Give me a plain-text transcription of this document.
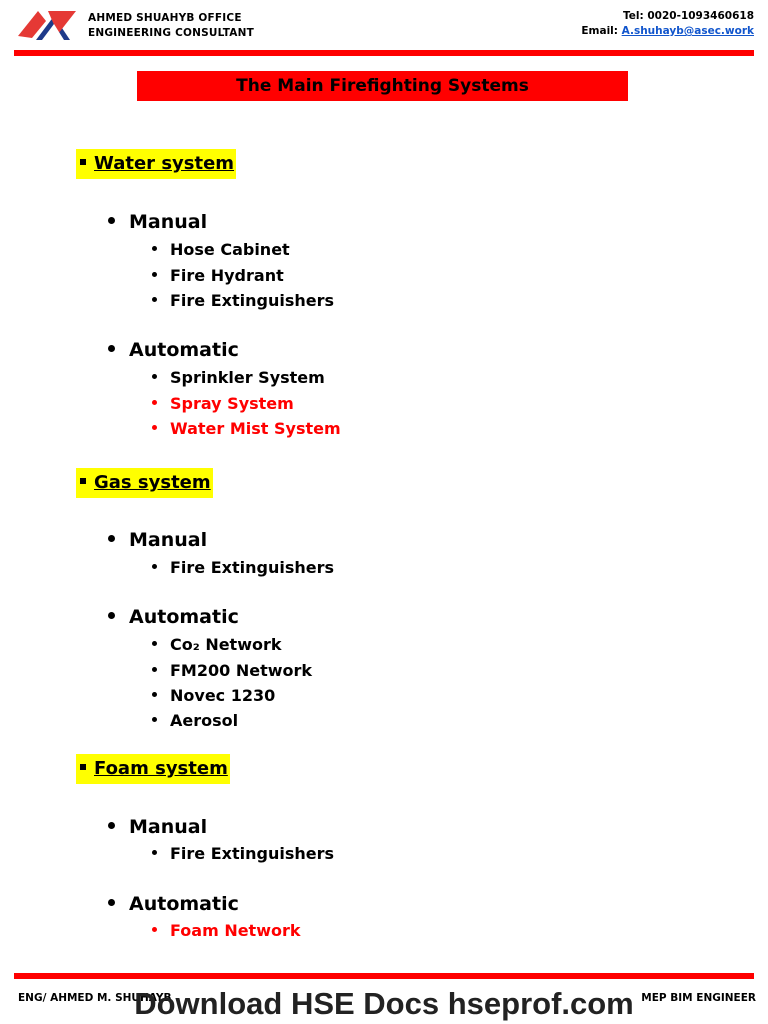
AHMED SHUAHYB OFFICE
ENGINEERING CONSULTANT
Tel: 0020-1093460618
Email: A.shuhayb@asec.work
The Main Firefighting Systems
Water system
Manual
Hose Cabinet
Fire Hydrant
Fire Extinguishers
Automatic
Sprinkler System
Spray System
Water Mist System
Gas system
Manual
Fire Extinguishers
Automatic
Co₂ Network
FM200 Network
Novec 1230
Aerosol
Foam system
Manual
Fire Extinguishers
Automatic
Foam Network
ENG/ AHMED M. SHUHAYB	MEP BIM ENGINEER
Download HSE Docs hseprof.com
